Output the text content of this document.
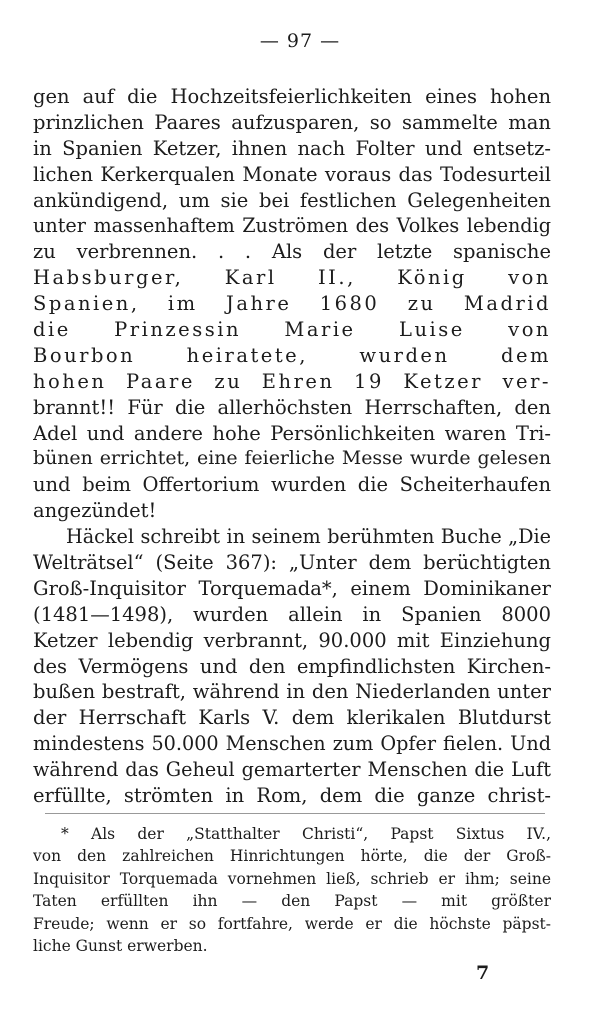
— 97 —
gen auf die Hochzeitsfeierlichkeiten eines hohen
prinzlichen Paares aufzusparen, so sammelte man
in Spanien Ketzer, ihnen nach Folter und entsetz-
lichen Kerkerqualen Monate voraus das Todesurteil
ankündigend, um sie bei festlichen Gelegenheiten
unter massenhaftem Zuströmen des Volkes lebendig
zu verbrennen. . . Als der letzte spanische
Habsburger, Karl II., König von
Spanien, im Jahre 1680 zu Madrid
die Prinzessin Marie Luise von
Bourbon heiratete, wurden dem
hohen Paare zu Ehren 19 Ketzer ver-
brannt!! Für die allerhöchsten Herrschaften, den
Adel und andere hohe Persönlichkeiten waren Tri-
bünen errichtet, eine feierliche Messe wurde gelesen
und beim Offertorium wurden die Scheiterhaufen
angezündet!
Häckel schreibt in seinem berühmten Buche „Die
Welträtsel“ (Seite 367): „Unter dem berüchtigten
Groß-Inquisitor Torquemada*, einem Dominikaner
(1481—1498), wurden allein in Spanien 8000
Ketzer lebendig verbrannt, 90.000 mit Einziehung
des Vermögens und den empfindlichsten Kirchen-
bußen bestraft, während in den Niederlanden unter
der Herrschaft Karls V. dem klerikalen Blutdurst
mindestens 50.000 Menschen zum Opfer fielen. Und
während das Geheul gemarterter Menschen die Luft
erfüllte, strömten in Rom, dem die ganze christ-
* Als der „Statthalter Christi“, Papst Sixtus IV.,
von den zahlreichen Hinrichtungen hörte, die der Groß-
Inquisitor Torquemada vornehmen ließ, schrieb er ihm; seine
Taten erfüllten ihn — den Papst — mit größter
Freude; wenn er so fortfahre, werde er die höchste päpst-
liche Gunst erwerben.
7
